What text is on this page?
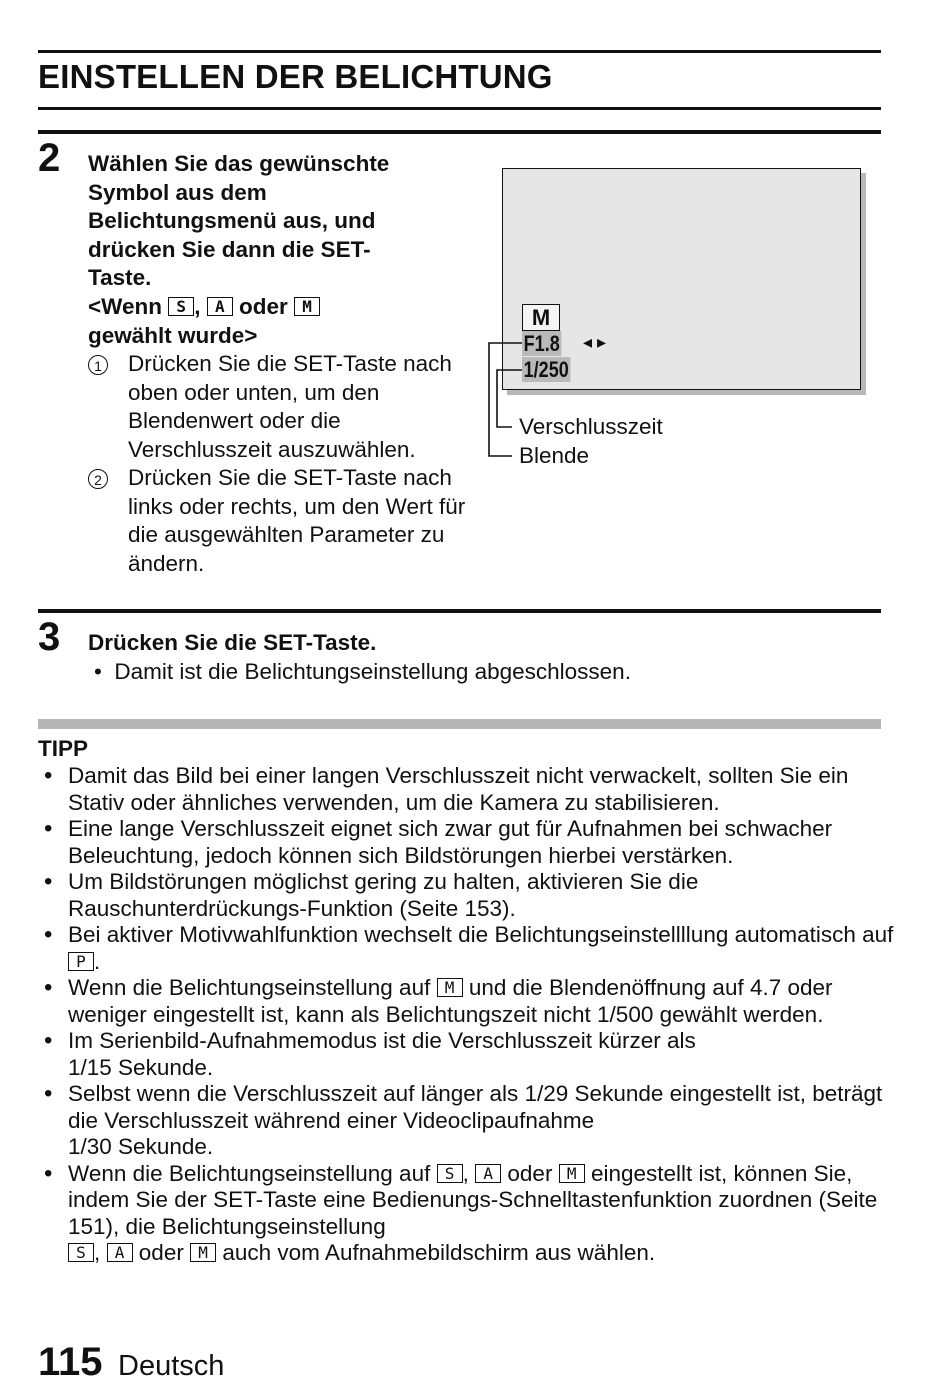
EINSTELLEN DER BELICHTUNG
2 Wählen Sie das gewünschte Symbol aus dem Belichtungsmenü aus, und drücken Sie dann die SET-Taste.
<Wenn S , A oder M
gewählt wurde>
1 Drücken Sie die SET-Taste nach oben oder unten, um den Blendenwert oder die Verschlusszeit auszuwählen.
2 Drücken Sie die SET-Taste nach links oder rechts, um den Wert für die ausgewählten Parameter zu ändern.
M
F1.8
1/250
◂ ▸
Verschlusszeit
Blende
3 Drücken Sie die SET-Taste.
• Damit ist die Belichtungseinstellung abgeschlossen.
TIPP
• Damit das Bild bei einer langen Verschlusszeit nicht verwackelt, sollten Sie ein Stativ oder ähnliches verwenden, um die Kamera zu stabilisieren.
• Eine lange Verschlusszeit eignet sich zwar gut für Aufnahmen bei schwacher Beleuchtung, jedoch können sich Bildstörungen hierbei verstärken.
• Um Bildstörungen möglichst gering zu halten, aktivieren Sie die Rauschunterdrückungs-Funktion (Seite 153).
• Bei aktiver Motivwahlfunktion wechselt die Belichtungseinstellllung automatisch auf P .
• Wenn die Belichtungseinstellung auf M und die Blendenöffnung auf 4.7 oder weniger eingestellt ist, kann als Belichtungszeit nicht 1/500 gewählt werden.
• Im Serienbild-Aufnahmemodus ist die Verschlusszeit kürzer als
1/15 Sekunde.
• Selbst wenn die Verschlusszeit auf länger als 1/29 Sekunde eingestellt ist, beträgt die Verschlusszeit während einer Videoclipaufnahme
1/30 Sekunde.
• Wenn die Belichtungseinstellung auf S , A oder M eingestellt ist, können Sie, indem Sie der SET-Taste eine Bedienungs-Schnelltastenfunktion zuordnen (Seite 151), die Belichtungseinstellung
S , A oder M auch vom Aufnahmebildschirm aus wählen.
115 Deutsch
